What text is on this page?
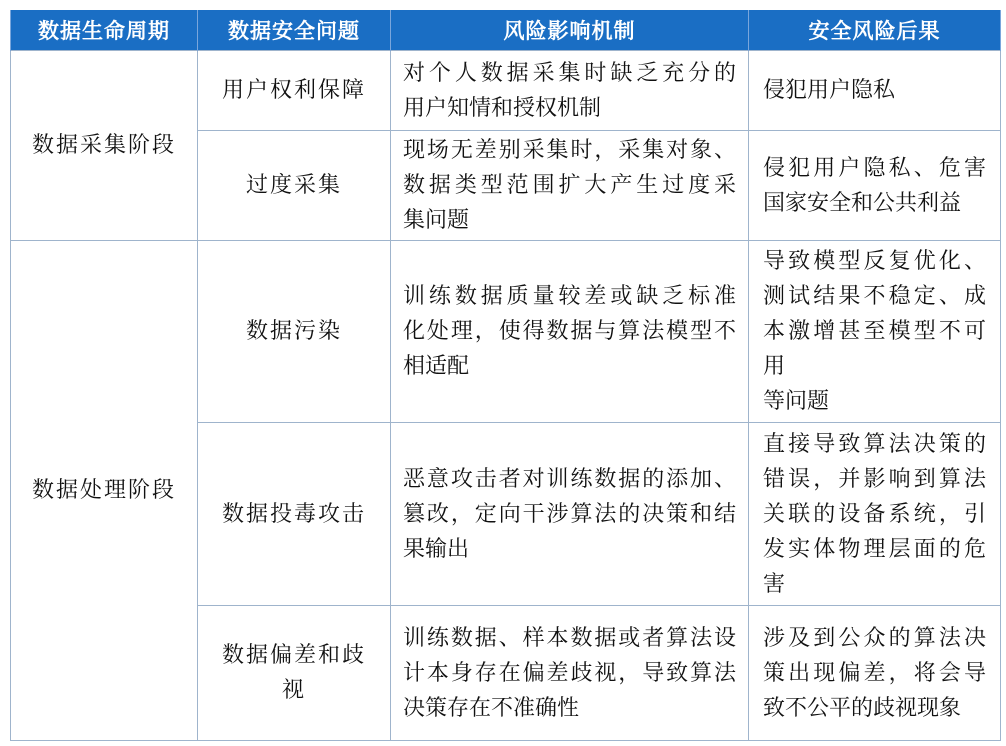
数据生命周期	数据安全问题	风险影响机制	安全风险后果

数据采集阶段	用户权利保障	对个人数据采集时缺乏充分的
用户知情和授权机制	侵犯用户隐私

	过度采集	现场无差别采集时，采集对象、
数据类型范围扩大产生过度采
集问题	侵犯用户隐私、危害
国家安全和公共利益

数据处理阶段	数据污染	训练数据质量较差或缺乏标准
化处理，使得数据与算法模型不
相适配	导致模型反复优化、
测试结果不稳定、成
本激增甚至模型不可
用
等问题

	数据投毒攻击	恶意攻击者对训练数据的添加、
篡改，定向干涉算法的决策和结
果输出	直接导致算法决策的
错误，并影响到算法
关联的设备系统，引
发实体物理层面的危
害

	数据偏差和歧
视	训练数据、样本数据或者算法设
计本身存在偏差歧视，导致算法
决策存在不准确性	涉及到公众的算法决
策出现偏差，将会导
致不公平的歧视现象
